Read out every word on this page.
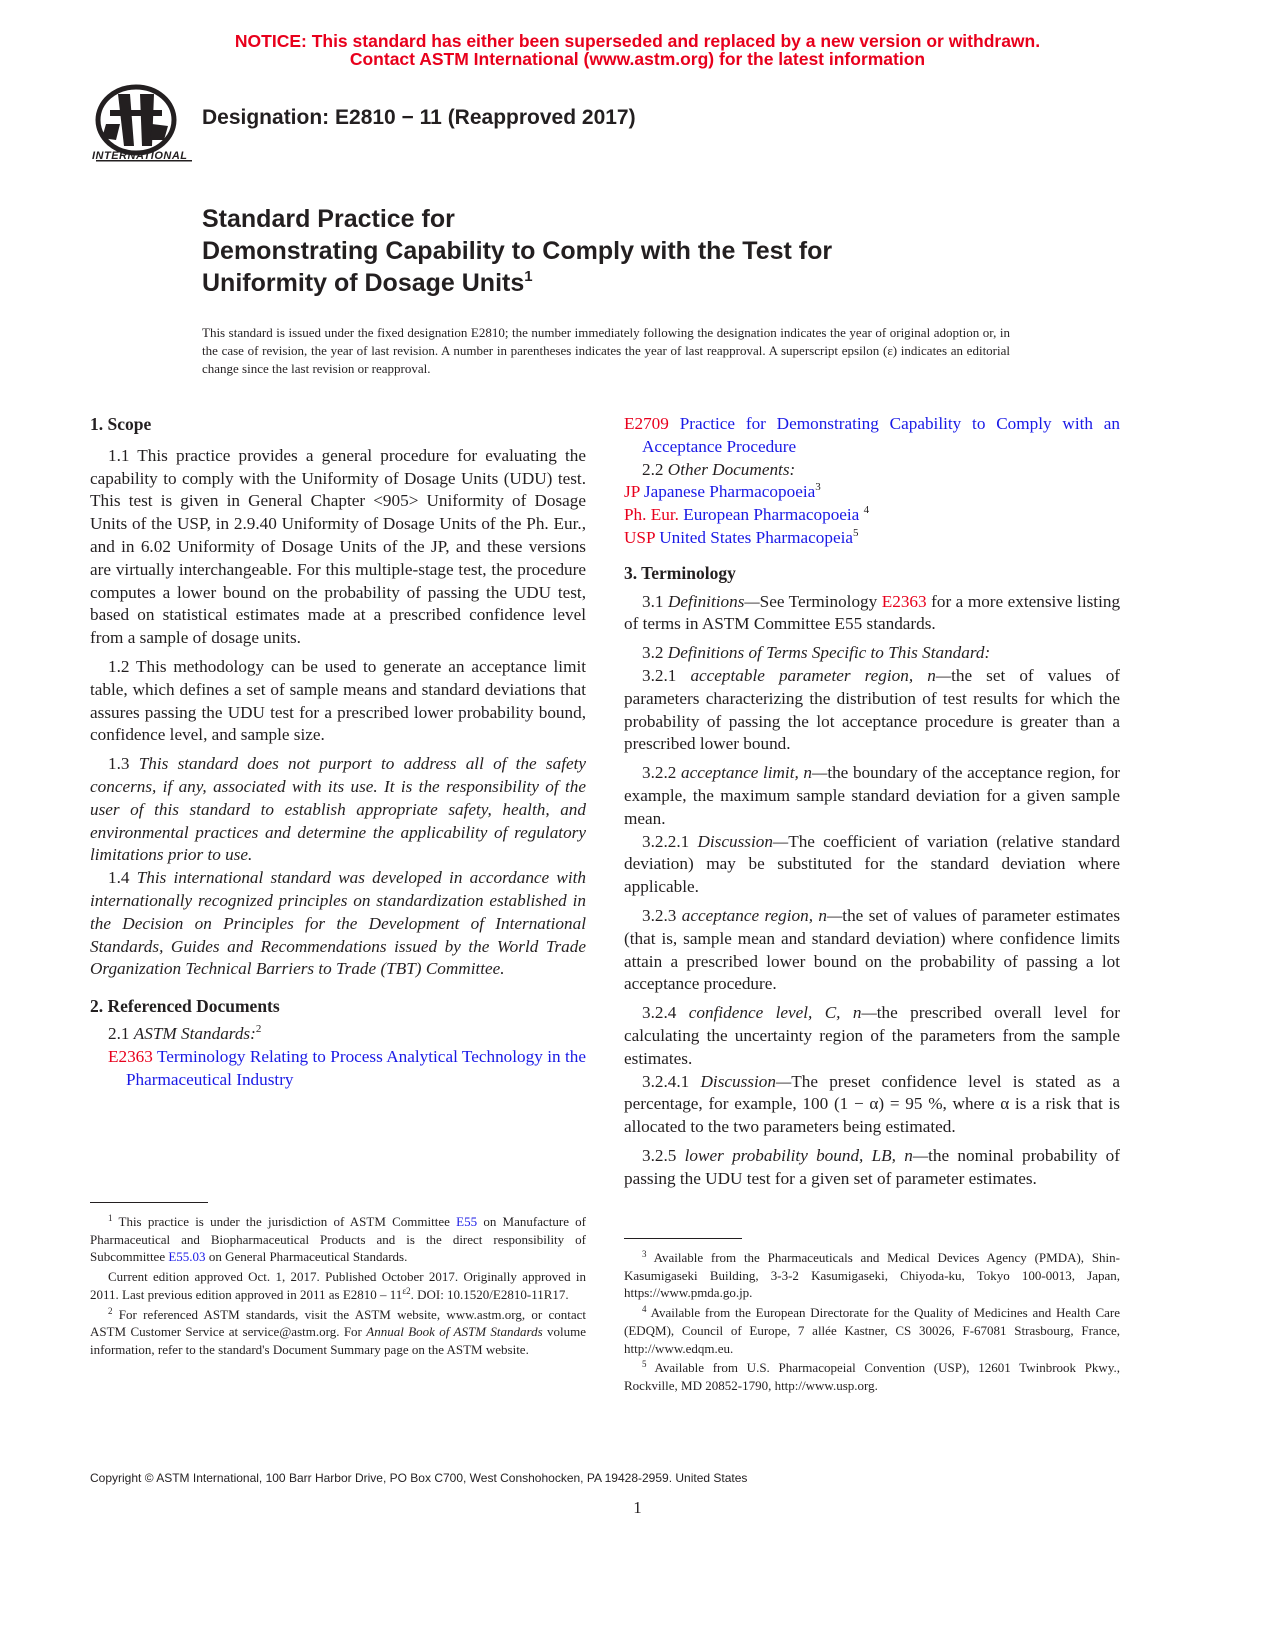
NOTICE: This standard has either been superseded and replaced by a new version or withdrawn.
Contact ASTM International (www.astm.org) for the latest information
INTERNATIONAL
Designation: E2810 − 11 (Reapproved 2017)
Standard Practice for
Demonstrating Capability to Comply with the Test for
Uniformity of Dosage Units$^1$
This standard is issued under the fixed designation E2810; the number immediately following the designation indicates the year of original adoption or, in the case of revision, the year of last revision. A number in parentheses indicates the year of last reapproval. A superscript epsilon (ε) indicates an editorial change since the last revision or reapproval.
1. Scope

1.1 This practice provides a general procedure for evaluating the capability to comply with the Uniformity of Dosage Units (UDU) test. This test is given in General Chapter <905> Uniformity of Dosage Units of the USP, in 2.9.40 Uniformity of Dosage Units of the Ph. Eur., and in 6.02 Uniformity of Dosage Units of the JP, and these versions are virtually interchangeable. For this multiple-stage test, the procedure computes a lower bound on the probability of passing the UDU test, based on statistical estimates made at a prescribed confidence level from a sample of dosage units.

1.2 This methodology can be used to generate an acceptance limit table, which defines a set of sample means and standard deviations that assures passing the UDU test for a prescribed lower probability bound, confidence level, and sample size.

1.3 This standard does not purport to address all of the safety concerns, if any, associated with its use. It is the responsibility of the user of this standard to establish appropriate safety, health, and environmental practices and determine the applicability of regulatory limitations prior to use.

1.4 This international standard was developed in accordance with internationally recognized principles on standardization established in the Decision on Principles for the Development of International Standards, Guides and Recommendations issued by the World Trade Organization Technical Barriers to Trade (TBT) Committee.

2. Referenced Documents

2.1 ASTM Standards:$^2$

E2363 Terminology Relating to Process Analytical Technology in the Pharmaceutical Industry

E2709 Practice for Demonstrating Capability to Comply with an Acceptance Procedure

2.2 Other Documents:

JP Japanese Pharmacopoeia$^3$

Ph. Eur. European Pharmacopoeia $^4$

USP United States Pharmacopeia$^5$

3. Terminology

3.1 Definitions—See Terminology E2363 for a more extensive listing of terms in ASTM Committee E55 standards.

3.2 Definitions of Terms Specific to This Standard:

3.2.1 acceptable parameter region, n—the set of values of parameters characterizing the distribution of test results for which the probability of passing the lot acceptance procedure is greater than a prescribed lower bound.

3.2.2 acceptance limit, n—the boundary of the acceptance region, for example, the maximum sample standard deviation for a given sample mean.

3.2.2.1 Discussion—The coefficient of variation (relative standard deviation) may be substituted for the standard deviation where applicable.

3.2.3 acceptance region, n—the set of values of parameter estimates (that is, sample mean and standard deviation) where confidence limits attain a prescribed lower bound on the probability of passing a lot acceptance procedure.

3.2.4 confidence level, C, n—the prescribed overall level for calculating the uncertainty region of the parameters from the sample estimates.

3.2.4.1 Discussion—The preset confidence level is stated as a percentage, for example, 100 (1 − α) = 95 %, where α is a risk that is allocated to the two parameters being estimated.

3.2.5 lower probability bound, LB, n—the nominal probability of passing the UDU test for a given set of parameter estimates.

$^1$ This practice is under the jurisdiction of ASTM Committee E55 on Manufacture of Pharmaceutical and Biopharmaceutical Products and is the direct responsibility of Subcommittee E55.03 on General Pharmaceutical Standards.

Current edition approved Oct. 1, 2017. Published October 2017. Originally approved in 2011. Last previous edition approved in 2011 as E2810 – 11$^{\varepsilon 2}$. DOI: 10.1520/E2810-11R17.

$^2$ For referenced ASTM standards, visit the ASTM website, www.astm.org, or contact ASTM Customer Service at service@astm.org. For Annual Book of ASTM Standards volume information, refer to the standard's Document Summary page on the ASTM website.

$^3$ Available from the Pharmaceuticals and Medical Devices Agency (PMDA), Shin-Kasumigaseki Building, 3-3-2 Kasumigaseki, Chiyoda-ku, Tokyo 100-0013, Japan, https://www.pmda.go.jp.

$^4$ Available from the European Directorate for the Quality of Medicines and Health Care (EDQM), Council of Europe, 7 allée Kastner, CS 30026, F-67081 Strasbourg, France, http://www.edqm.eu.

$^5$ Available from U.S. Pharmacopeial Convention (USP), 12601 Twinbrook Pkwy., Rockville, MD 20852-1790, http://www.usp.org.

Copyright © ASTM International, 100 Barr Harbor Drive, PO Box C700, West Conshohocken, PA 19428-2959. United States
1
